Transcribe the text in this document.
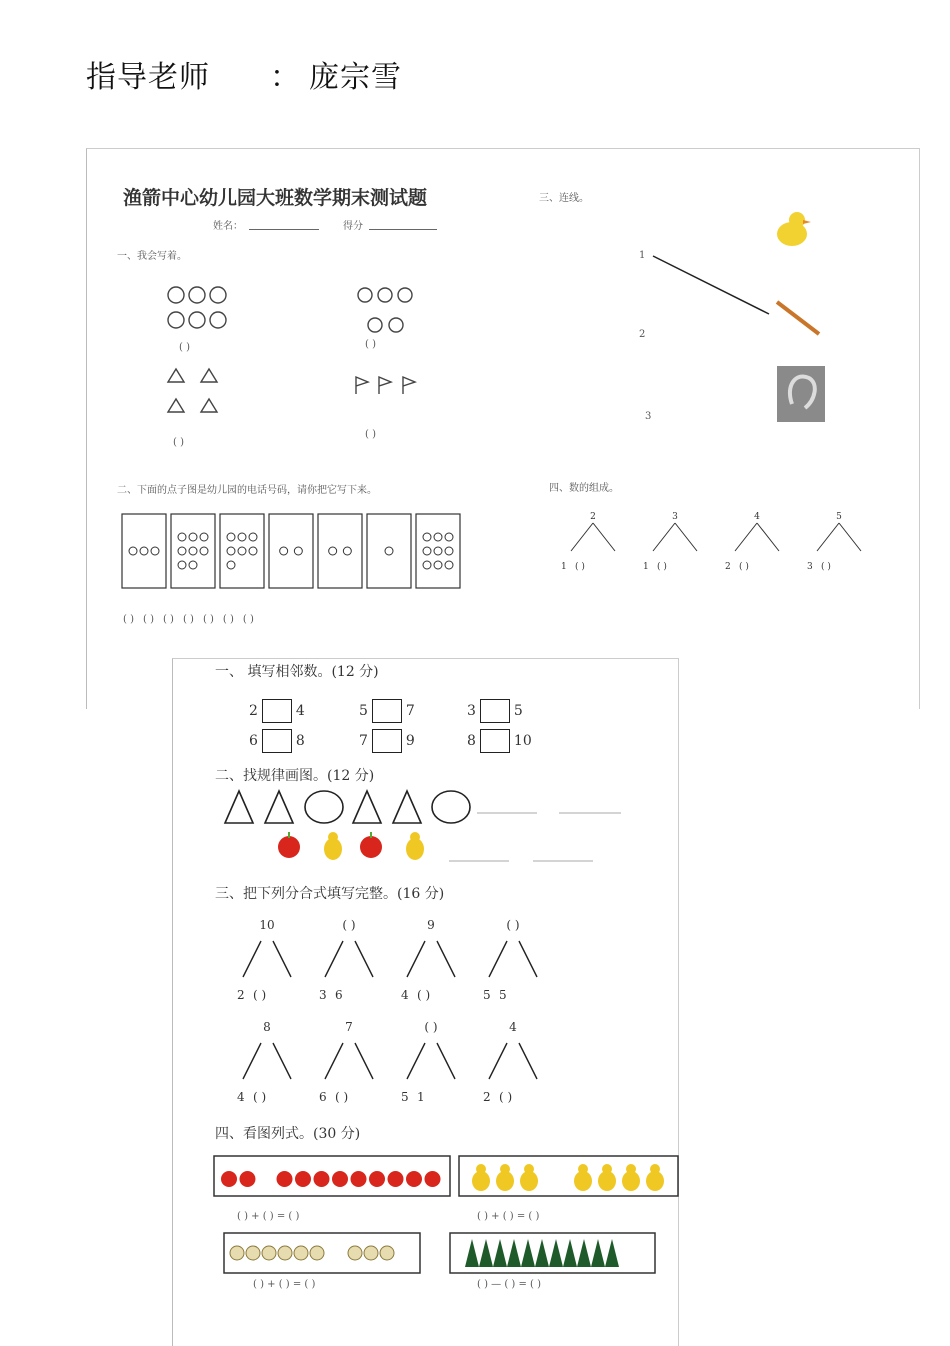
指导老师 ： 庞宗雪
渔箭中心幼儿园大班数学期末测试题
姓名：	得分
一、我会写着。
二、下面的点子图是幼儿园的电话号码，请你把它写下来。
三、连线。
四、数的组成。
( )
( )
( )
( )
1
2
3
( ) ( ) ( ) ( ) ( ) ( ) ( )
2
1 ( )
3
1 ( )
4
2 ( )
5
3 ( )
一、 填写相邻数。(12 分)
二、找规律画图。(12 分)
三、把下列分合式填写完整。(16 分)
四、看图列式。(30 分)
2	4	5	7	3	5
6	8	7	9	8	10
10
2 ( )
( )
3 6
9
4 ( )
( )
5 5
8
4 ( )
7
6 ( )
( )
5 1
4
2 ( )
( ) + ( ) = ( )	( ) + ( ) = ( )
( ) + ( ) = ( )	( ) — ( ) = ( )
